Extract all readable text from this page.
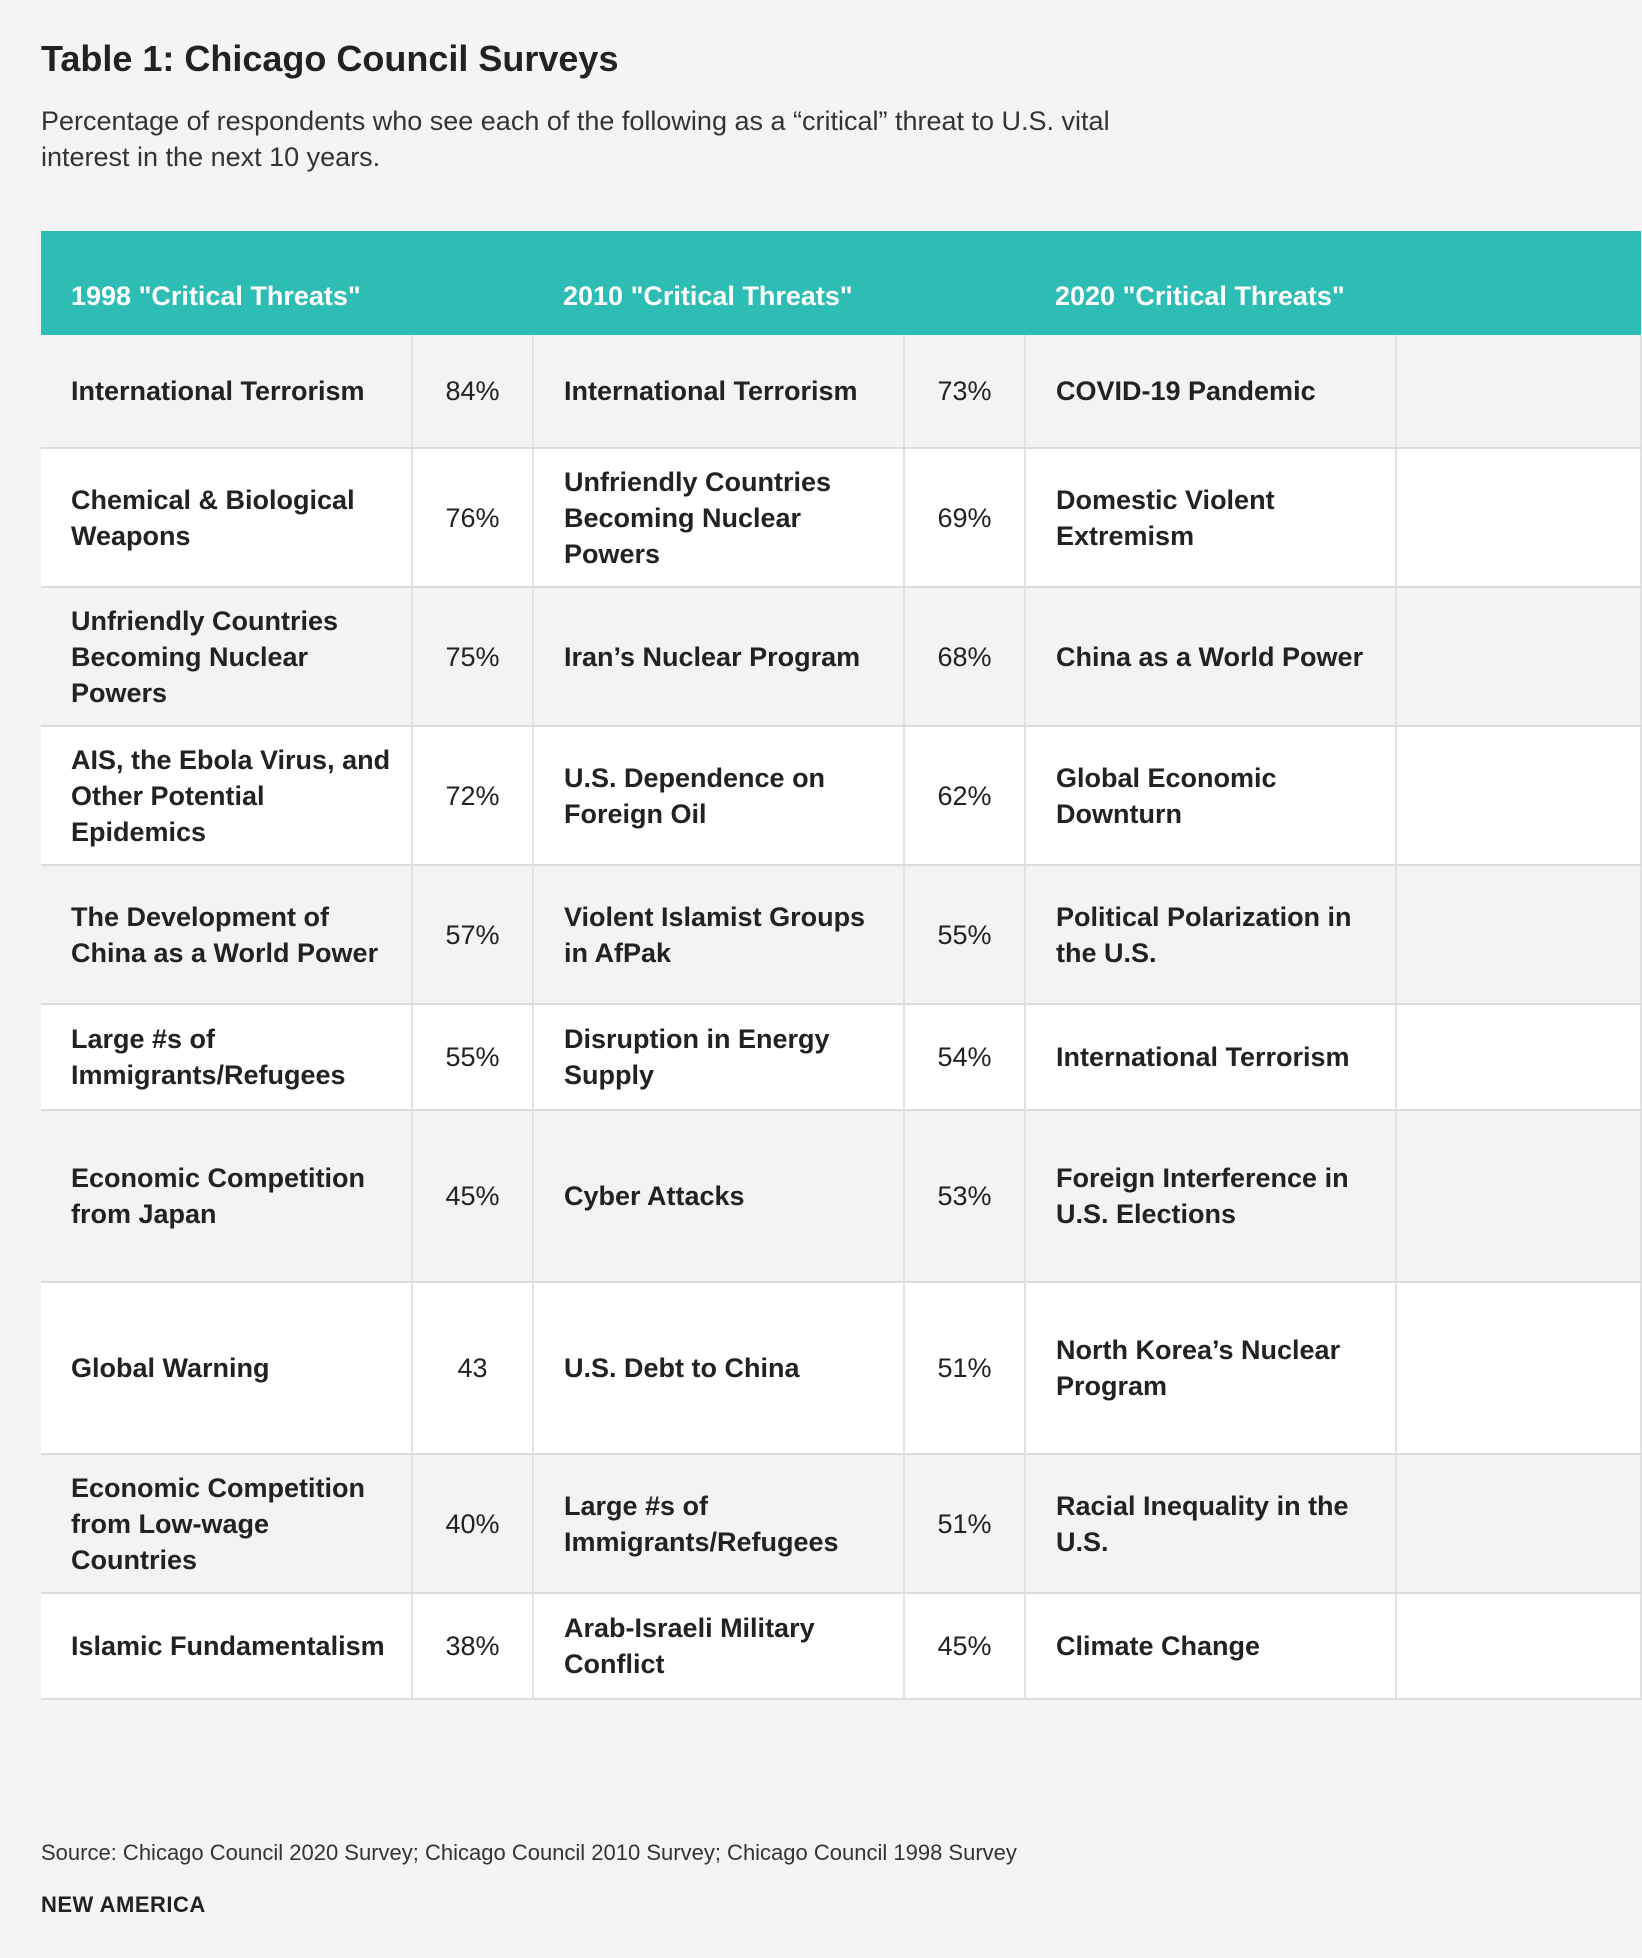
Table 1: Chicago Council Surveys

Percentage of respondents who see each of the following as a “critical” threat to U.S. vital interest in the next 10 years.

1998 "Critical Threats"		2010 "Critical Threats"		2020 "Critical Threats"	
International Terrorism	84%	International Terrorism	73%	COVID-19 Pandemic	
Chemical & Biological Weapons	76%	Unfriendly Countries Becoming Nuclear Powers	69%	Domestic Violent Extremism	
Unfriendly Countries Becoming Nuclear Powers	75%	Iran’s Nuclear Program	68%	China as a World Power	
AIS, the Ebola Virus, and Other Potential Epidemics	72%	U.S. Dependence on Foreign Oil	62%	Global Economic Downturn	
The Development of China as a World Power	57%	Violent Islamist Groups in AfPak	55%	Political Polarization in the U.S.	
Large #s of Immigrants/Refugees	55%	Disruption in Energy Supply	54%	International Terrorism	
Economic Competition from Japan	45%	Cyber Attacks	53%	Foreign Interference in U.S. Elections	
Global Warning	43	U.S. Debt to China	51%	North Korea’s Nuclear Program	
Economic Competition from Low-wage Countries	40%	Large #s of Immigrants/Refugees	51%	Racial Inequality in the U.S.	
Islamic Fundamentalism	38%	Arab-Israeli Military Conflict	45%	Climate Change	

Source: Chicago Council 2020 Survey; Chicago Council 2010 Survey; Chicago Council 1998 Survey

NEW AMERICA
